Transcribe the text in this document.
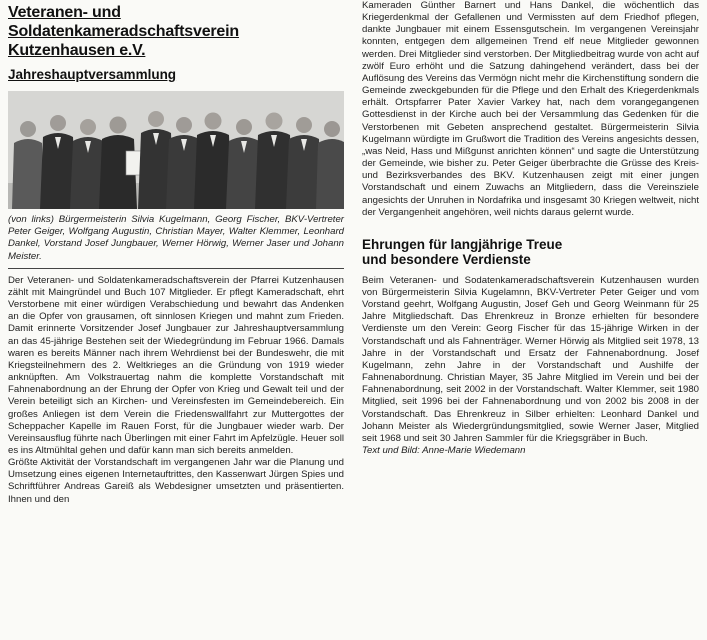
Veteranen- und
Soldatenkameradschaftsverein
Kutzenhausen e.V.
Jahreshauptversammlung

(von links) Bürgermeisterin Silvia Kugelmann, Georg Fischer, BKV-Vertreter Peter Geiger, Wolfgang Augustin, Christian Mayer, Walter Klemmer, Leonhard Dankel, Vorstand Josef Jungbauer, Werner Hörwig, Werner Jaser und Johann Meister.

Der Veteranen- und Soldatenkameradschaftsverein der Pfarrei Kutzenhausen zählt mit Maingründel und Buch 107 Mitglieder. Er pflegt Kameradschaft, ehrt Verstorbene mit einer würdigen Verabschiedung und bewahrt das Andenken an die Opfer von grausamen, oft sinnlosen Kriegen und mahnt zum Frieden. Damit erinnerte Vorsitzender Josef Jungbauer zur Jahreshauptversammlung an das 45-jährige Bestehen seit der Wiedegründung im Februar 1966. Damals waren es bereits Männer nach ihrem Wehrdienst bei der Bundeswehr, die mit Kriegsteilnehmern des 2. Weltkrieges an die Gründung von 1919 wieder anknüpften. Am Volkstrauertag nahm die komplette Vorstandschaft mit Fahnenabordnung an der Ehrung der Opfer von Krieg und Gewalt teil und der Verein beteiligt sich an Kirchen- und Vereinsfesten im Gemeindebereich. Ein großes Anliegen ist dem Verein die Friedenswallfahrt zur Muttergottes der Scheppacher Kapelle im Rauen Forst, für die Jungbauer wieder warb. Der Vereinsausflug führte nach Überlingen mit einer Fahrt im Apfelzügle. Heuer soll es ins Altmühltal gehen und dafür kann man sich bereits anmelden.

Größte Aktivität der Vorstandschaft im vergangenen Jahr war die Planung und Umsetzung eines eigenen Internetauftrittes, den Kassenwart Jürgen Spies und Schriftführer Andreas Gareiß als Webdesigner umsetzten und präsentierten. Ihnen und den

Kameraden Günther Barnert und Hans Dankel, die wöchentlich das Kriegerdenkmal der Gefallenen und Vermissten auf dem Friedhof pflegen, dankte Jungbauer mit einem Essensgutschein. Im vergangenen Vereinsjahr konnten, entgegen dem allgemeinen Trend elf neue Mitglieder gewonnen werden. Drei Mitglieder sind verstorben. Der Mitgliedbeitrag wurde von acht auf zwölf Euro erhöht und die Satzung dahingehend verändert, dass bei der Auflösung des Vereins das Vermögn nicht mehr die Kirchenstiftung sondern die Gemeinde zweckgebunden für die Pflege und den Erhalt des Kriegerdenkmals erhält. Ortspfarrer Pater Xavier Varkey hat, nach dem vorangegangenen Gottesdienst in der Kirche auch bei der Versammlung das Gedenken für die Verstorbenen mit Gebeten ansprechend gestaltet. Bürgermeisterin Silvia Kugelmann würdigte im Grußwort die Tradition des Vereins angesichts dessen, „was Neid, Hass und Mißgunst anrichten können“ und sagte die Unterstützung der Gemeinde, wie bisher zu. Peter Geiger überbrachte die Grüsse des Kreis- und Bezirksverbandes des BKV. Kutzenhausen zeigt mit einer jungen Vorstandschaft und einem Zuwachs an Mitgliedern, dass die Vereinsziele angesichts der Unruhen in Nordafrika und insgesamt 30 Kriegen weltweit, nicht der Vergangenheit angehören, weil nichts daraus gelernt wurde.

Ehrungen für langjährige Treue
und besondere Verdienste

Beim Veteranen- und Sodatenkameradschaftsverein Kutzenhausen wurden von Bürgermeisterin Silvia Kugelamnn, BKV-Vertreter Peter Geiger und vom Vorstand geehrt, Wolfgang Augustin, Josef Geh und Georg Weinmann für 25 Jahre Mitgliedschaft. Das Ehrenkreuz in Bronze erhielten für besondere Verdienste um den Verein: Georg Fischer für das 15-jährige Wirken in der Vorstandschaft und als Fahnenträger. Werner Hörwig als Mitglied seit 1978, 13 Jahre in der Vorstandschaft und Ersatz der Fahnenabordnung. Josef Kugelmann, zehn Jahre in der Vorstandschaft und Aushilfe der Fahnenabordnung. Christian Mayer, 35 Jahre Mitglied im Verein und bei der Fahnenabordnung, seit 2002 in der Vorstandschaft. Walter Klemmer, seit 1980 Mitglied, seit 1996 bei der Fahnenabordnung und von 2002 bis 2008 in der Vorstandschaft. Das Ehrenkreuz in Silber erhielten: Leonhard Dankel und Johann Meister als Wiedergründungsmitglied, sowie Werner Jaser, Mitglied seit 1968 und seit 30 Jahren Sammler für die Kriegsgräber in Buch.

Text und Bild: Anne-Marie Wiedemann
